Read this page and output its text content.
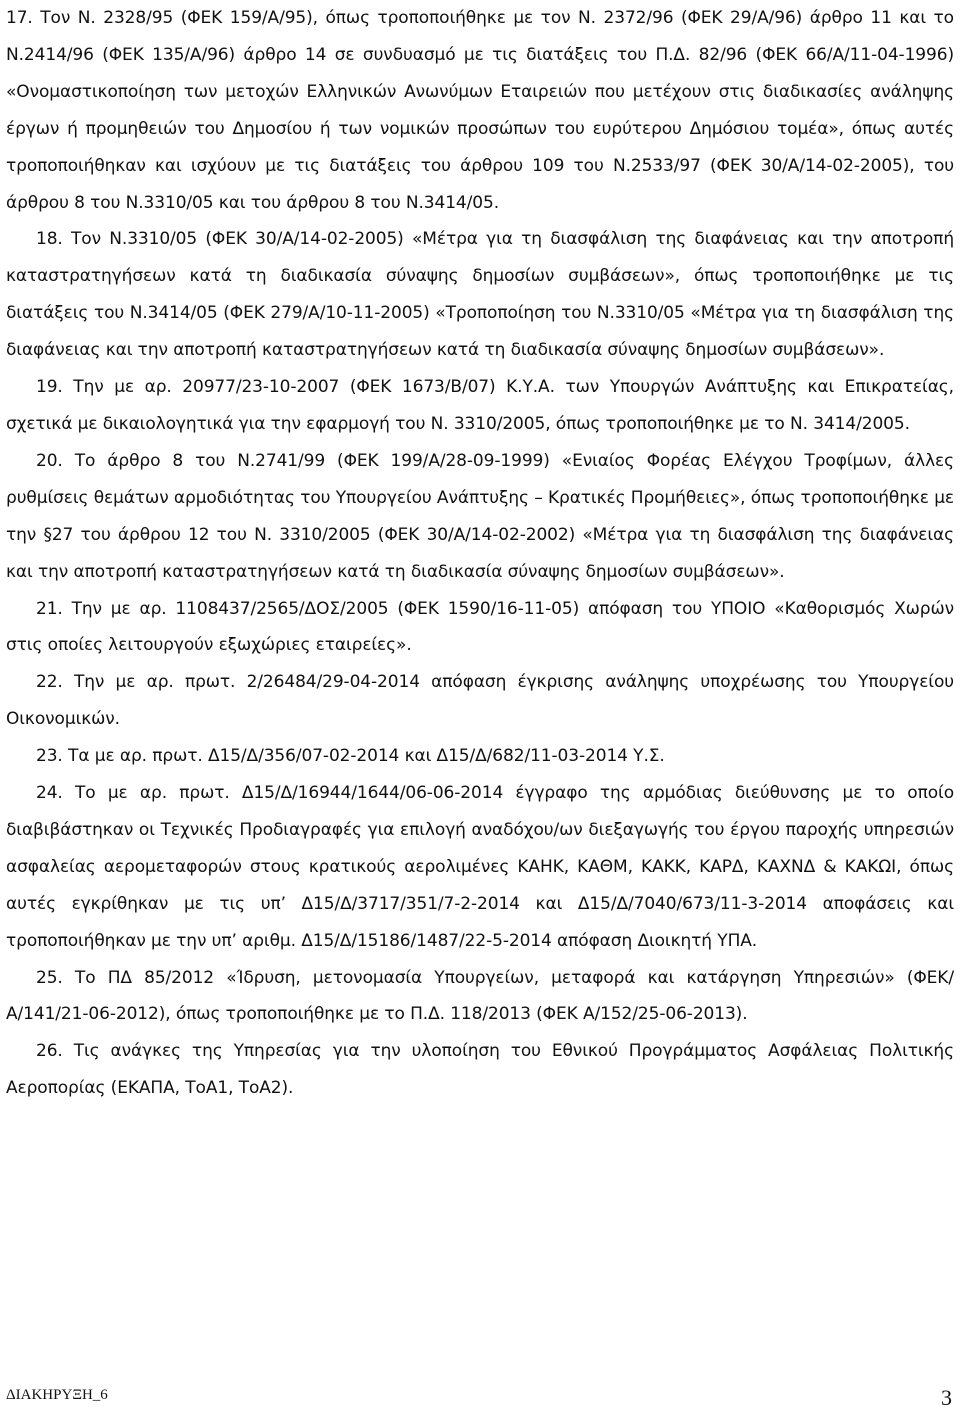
17. Τον Ν. 2328/95 (ΦΕΚ 159/Α/95), όπως τροποποιήθηκε με τον Ν. 2372/96 (ΦΕΚ 29/Α/96) άρθρο 11 και το Ν.2414/96 (ΦΕΚ 135/Α/96) άρθρο 14 σε συνδυασμό με τις διατάξεις του Π.Δ. 82/96 (ΦΕΚ 66/Α/11-04-1996) «Ονομαστικοποίηση των μετοχών Ελληνικών Ανωνύμων Εταιρειών που μετέχουν στις διαδικασίες ανάληψης έργων ή προμηθειών του Δημοσίου ή των νομικών προσώπων του ευρύτερου Δημόσιου τομέα», όπως αυτές τροποποιήθηκαν και ισχύουν με τις διατάξεις του άρθρου 109 του Ν.2533/97 (ΦΕΚ 30/Α/14-02-2005), του άρθρου 8 του Ν.3310/05 και του άρθρου 8 του Ν.3414/05.

18. Τον Ν.3310/05 (ΦΕΚ 30/Α/14-02-2005) «Μέτρα για τη διασφάλιση της διαφάνειας και την αποτροπή καταστρατηγήσεων κατά τη διαδικασία σύναψης δημοσίων συμβάσεων», όπως τροποποιήθηκε με τις διατάξεις του Ν.3414/05 (ΦΕΚ 279/Α/10-11-2005) «Τροποποίηση του Ν.3310/05 «Μέτρα για τη διασφάλιση της διαφάνειας και την αποτροπή καταστρατηγήσεων κατά τη διαδικασία σύναψης δημοσίων συμβάσεων».

19. Την με αρ. 20977/23-10-2007 (ΦΕΚ 1673/Β/07) Κ.Υ.Α. των Υπουργών Ανάπτυξης και Επικρατείας, σχετικά με δικαιολογητικά για την εφαρμογή του Ν. 3310/2005, όπως τροποποιήθηκε με το Ν. 3414/2005.

20. Το άρθρο 8 του Ν.2741/99 (ΦΕΚ 199/Α/28-09-1999) «Ενιαίος Φορέας Ελέγχου Τροφίμων, άλλες ρυθμίσεις θεμάτων αρμοδιότητας του Υπουργείου Ανάπτυξης – Κρατικές Προμήθειες», όπως τροποποιήθηκε με την §27 του άρθρου 12 του Ν. 3310/2005 (ΦΕΚ 30/Α/14-02-2002) «Μέτρα για τη διασφάλιση της διαφάνειας και την αποτροπή καταστρατηγήσεων κατά τη διαδικασία σύναψης δημοσίων συμβάσεων».

21. Την με αρ. 1108437/2565/ΔΟΣ/2005 (ΦΕΚ 1590/16-11-05) απόφαση του ΥΠΟΙΟ «Καθορισμός Χωρών στις οποίες λειτουργούν εξωχώριες εταιρείες».

22. Την με αρ. πρωτ. 2/26484/29-04-2014 απόφαση έγκρισης ανάληψης υποχρέωσης του Υπουργείου Οικονομικών.

23. Τα με αρ. πρωτ. Δ15/Δ/356/07-02-2014 και Δ15/Δ/682/11-03-2014 Υ.Σ.

24. Το με αρ. πρωτ. Δ15/Δ/16944/1644/06-06-2014 έγγραφο της αρμόδιας διεύθυνσης με το οποίο διαβιβάστηκαν οι Τεχνικές Προδιαγραφές για επιλογή αναδόχου/ων διεξαγωγής του έργου παροχής υπηρεσιών ασφαλείας αερομεταφορών στους κρατικούς αερολιμένες ΚΑΗΚ, ΚΑΘΜ, ΚΑΚΚ, ΚΑΡΔ, ΚΑΧΝΔ & ΚΑΚΩΙ, όπως αυτές εγκρίθηκαν με τις υπ’ Δ15/Δ/3717/351/7-2-2014 και Δ15/Δ/7040/673/11-3-2014 αποφάσεις και τροποποιήθηκαν με την υπ’ αριθμ. Δ15/Δ/15186/1487/22-5-2014 απόφαση Διοικητή ΥΠΑ.

25. Το ΠΔ 85/2012 «Ίδρυση, μετονομασία Υπουργείων, μεταφορά και κατάργηση Υπηρεσιών» (ΦΕΚ/Α/141/21-06-2012), όπως τροποποιήθηκε με το Π.Δ. 118/2013 (ΦΕΚ Α/152/25-06-2013).

26. Τις ανάγκες της Υπηρεσίας για την υλοποίηση του Εθνικού Προγράμματος Ασφάλειας Πολιτικής Αεροπορίας (ΕΚΑΠΑ, ΤοΑ1, ΤοΑ2).

ΔΙΑΚΗΡΥΞΗ_6	3
